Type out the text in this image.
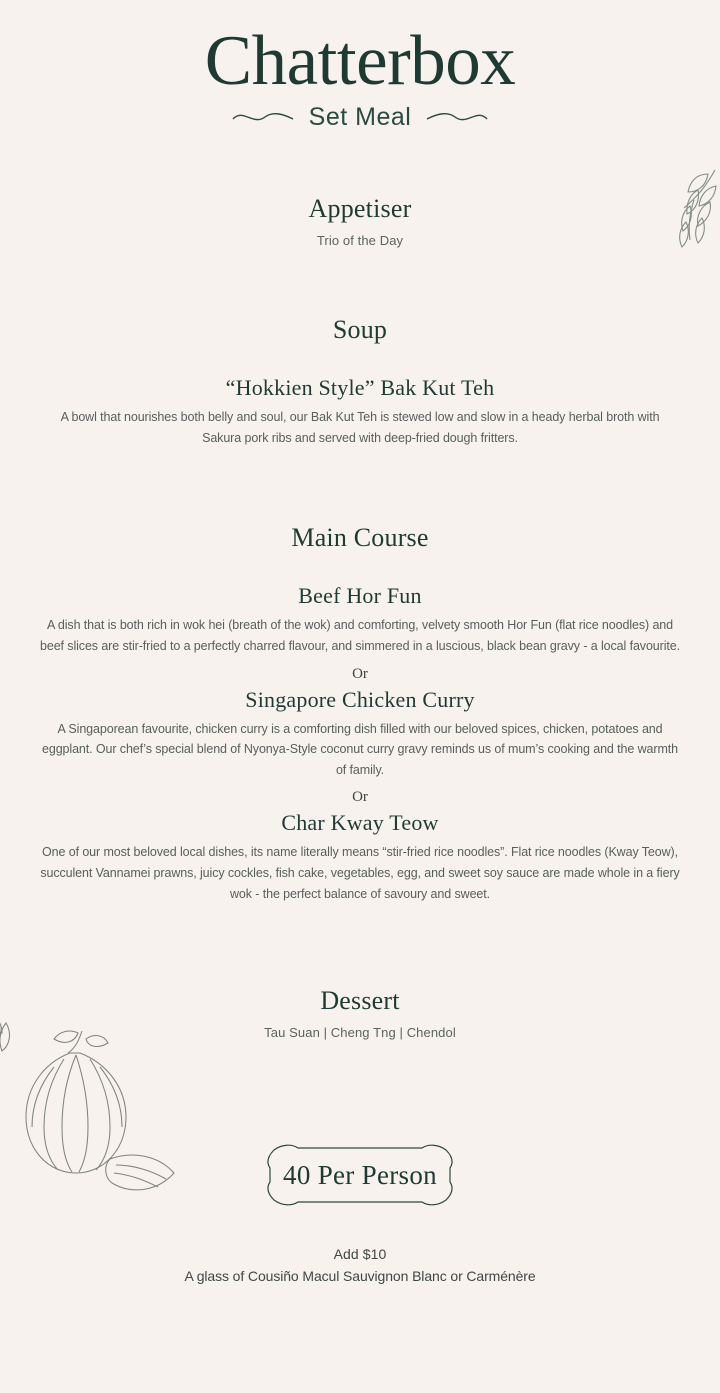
Chatterbox
Set Meal
Appetiser
Trio of the Day
Soup
“Hokkien Style” Bak Kut Teh
A bowl that nourishes both belly and soul, our Bak Kut Teh is stewed low and slow in a heady herbal broth with Sakura pork ribs and served with deep-fried dough fritters.
Main Course
Beef Hor Fun
A dish that is both rich in wok hei (breath of the wok) and comforting, velvety smooth Hor Fun (flat rice noodles) and beef slices are stir-fried to a perfectly charred flavour, and simmered in a luscious, black bean gravy - a local favourite.
Or
Singapore Chicken Curry
A Singaporean favourite, chicken curry is a comforting dish filled with our beloved spices, chicken, potatoes and eggplant. Our chef’s special blend of Nyonya-Style coconut curry gravy reminds us of mum’s cooking and the warmth of family.
Or
Char Kway Teow
One of our most beloved local dishes, its name literally means “stir-fried rice noodles”. Flat rice noodles (Kway Teow), succulent Vannamei prawns, juicy cockles, fish cake, vegetables, egg, and sweet soy sauce are made whole in a fiery wok - the perfect balance of savoury and sweet.
Dessert
Tau Suan | Cheng Tng | Chendol
40 Per Person
Add $10
A glass of Cousiño Macul Sauvignon Blanc or Carménère
